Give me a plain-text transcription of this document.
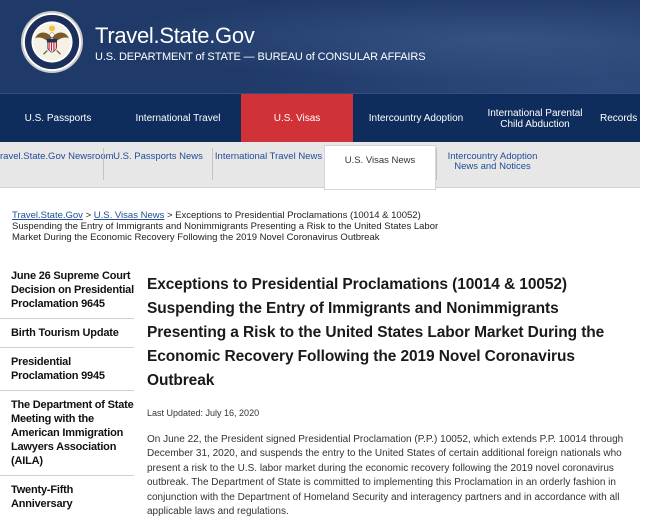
Travel.State.Gov
U.S. DEPARTMENT of STATE — BUREAU of CONSULAR AFFAIRS
U.S. Passports	International Travel	U.S. Visas	Intercountry Adoption	International Parental Child Abduction	Records and
ravel.State.Gov Newsroom U.S. Passports News	International Travel News	U.S. Visas News	Intercountry Adoption News and Notices
Travel.State.Gov > U.S. Visas News > Exceptions to Presidential Proclamations (10014 & 10052) Suspending the Entry of Immigrants and Nonimmigrants Presenting a Risk to the United States Labor Market During the Economic Recovery Following the 2019 Novel Coronavirus Outbreak
June 26 Supreme Court Decision on Presidential Proclamation 9645
Birth Tourism Update
Presidential Proclamation 9945
The Department of State Meeting with the American Immigration Lawyers Association (AILA)
Twenty-Fifth Anniversary
Exceptions to Presidential Proclamations (10014 & 10052) Suspending the Entry of Immigrants and Nonimmigrants Presenting a Risk to the United States Labor Market During the Economic Recovery Following the 2019 Novel Coronavirus Outbreak
Last Updated: July 16, 2020

On June 22, the President signed Presidential Proclamation (P.P.) 10052, which extends P.P. 10014 through December 31, 2020, and suspends the entry to the United States of certain additional foreign nationals who present a risk to the U.S. labor market during the economic recovery following the 2019 novel coronavirus outbreak. The Department of State is committed to implementing this Proclamation in an orderly fashion in conjunction with the Department of Homeland Security and interagency partners and in accordance with all applicable laws and regulations.
